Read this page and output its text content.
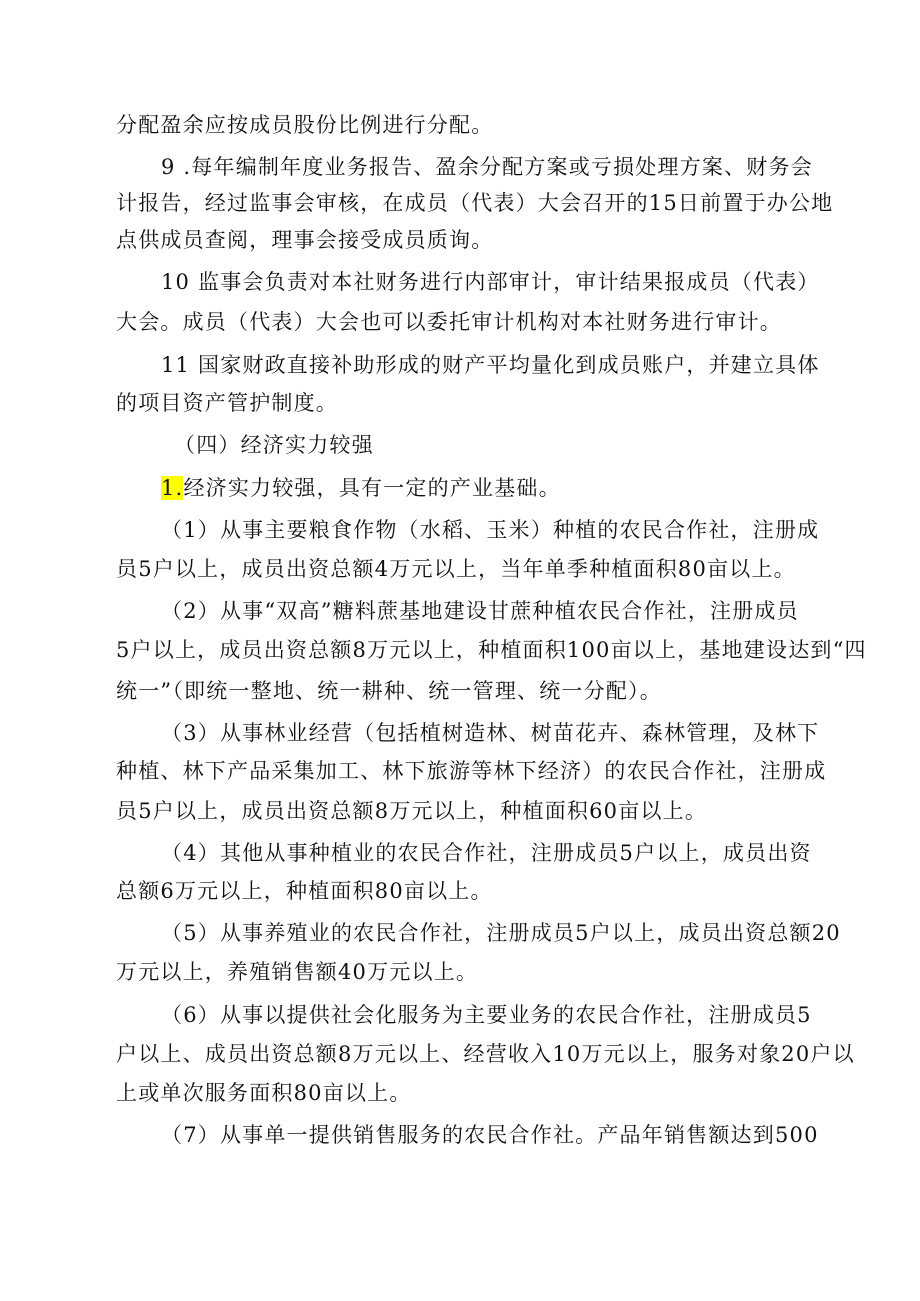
分配盈余应按成员股份比例进行分配。
9 .每年编制年度业务报告、盈余分配方案或亏损处理方案、财务会
计报告，经过监事会审核，在成员（代表）大会召开的15日前置于办公地
点供成员查阅，理事会接受成员质询。
10 监事会负责对本社财务进行内部审计，审计结果报成员（代表）
大会。成员（代表）大会也可以委托审计机构对本社财务进行审计。
11 国家财政直接补助形成的财产平均量化到成员账户，并建立具体
的项目资产管护制度。
（四）经济实力较强
1.经济实力较强，具有一定的产业基础。
（1）从事主要粮食作物（水稻、玉米）种植的农民合作社，注册成
员5户以上，成员出资总额4万元以上，当年单季种植面积80亩以上。
（2）从事“双高”糖料蔗基地建设甘蔗种植农民合作社，注册成员
5户以上，成员出资总额8万元以上，种植面积100亩以上，基地建设达到“四
统一”（即统一整地、统一耕种、统一管理、统一分配）。
（3）从事林业经营（包括植树造林、树苗花卉、森林管理，及林下
种植、林下产品采集加工、林下旅游等林下经济）的农民合作社，注册成
员5户以上，成员出资总额8万元以上，种植面积60亩以上。
（4）其他从事种植业的农民合作社，注册成员5户以上，成员出资
总额6万元以上，种植面积80亩以上。
（5）从事养殖业的农民合作社，注册成员5户以上，成员出资总额20
万元以上，养殖销售额40万元以上。
（6）从事以提供社会化服务为主要业务的农民合作社，注册成员5
户以上、成员出资总额8万元以上、经营收入10万元以上，服务对象20户以
上或单次服务面积80亩以上。
（7）从事单一提供销售服务的农民合作社。产品年销售额达到500
